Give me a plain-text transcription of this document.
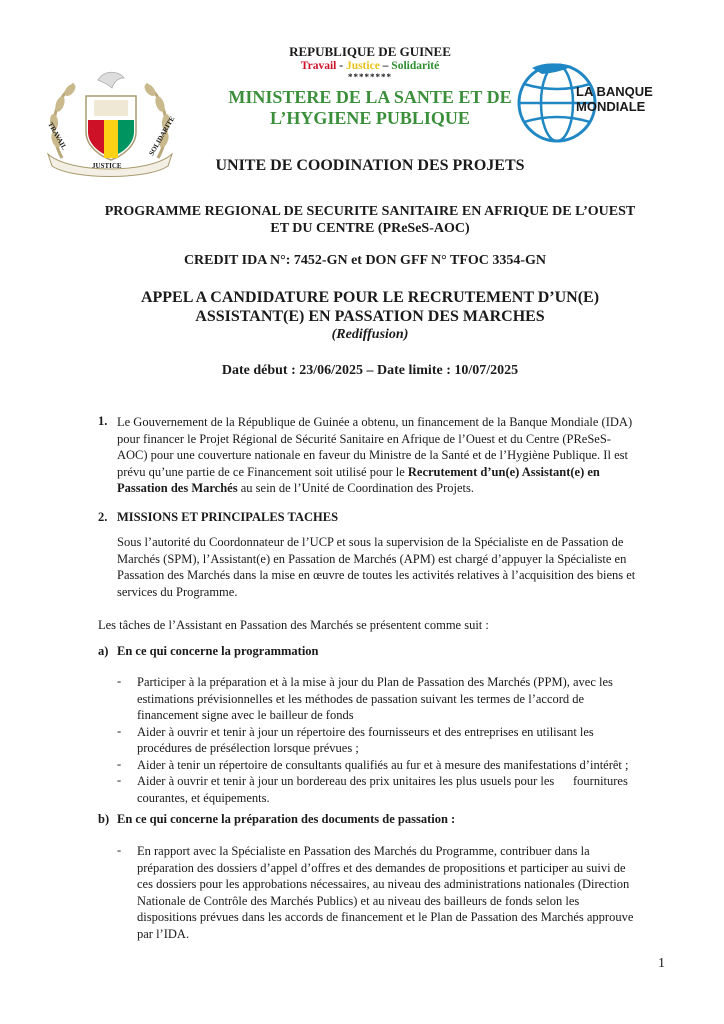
TRAVAIL
JUSTICE
SOLIDARITE
REPUBLIQUE DE GUINEE
Travail - Justice – Solidarité
********
MINISTERE DE LA SANTE ET DE
L’HYGIENE PUBLIQUE
LA BANQUE
MONDIALE
UNITE DE COODINATION DES PROJETS
PROGRAMME REGIONAL DE SECURITE SANITAIRE EN AFRIQUE DE L’OUEST
ET DU CENTRE (PReSeS-AOC)
CREDIT IDA N°: 7452-GN et DON GFF N° TFOC 3354-GN
APPEL A CANDIDATURE POUR LE RECRUTEMENT D’UN(E)
ASSISTANT(E) EN PASSATION DES MARCHES
(Rediffusion)
Date début : 23/06/2025 – Date limite : 10/07/2025
1. Le Gouvernement de la République de Guinée a obtenu, un financement de la Banque Mondiale (IDA)
pour financer le Projet Régional de Sécurité Sanitaire en Afrique de l’Ouest et du Centre (PReSeS-
AOC) pour une couverture nationale en faveur du Ministre de la Santé et de l’Hygiène Publique. Il est
prévu qu’une partie de ce Financement soit utilisé pour le Recrutement d’un(e) Assistant(e) en
Passation des Marchés au sein de l’Unité de Coordination des Projets.
2. MISSIONS ET PRINCIPALES TACHES
Sous l’autorité du Coordonnateur de l’UCP et sous la supervision de la Spécialiste en de Passation de
Marchés (SPM), l’Assistant(e) en Passation de Marchés (APM) est chargé d’appuyer la Spécialiste en
Passation des Marchés dans la mise en œuvre de toutes les activités relatives à l’acquisition des biens et
services du Programme.
Les tâches de l’Assistant en Passation des Marchés se présentent comme suit :
a) En ce qui concerne la programmation
- Participer à la préparation et à la mise à jour du Plan de Passation des Marchés (PPM), avec les
estimations prévisionnelles et les méthodes de passation suivant les termes de l’accord de
financement signe avec le bailleur de fonds
- Aider à ouvrir et tenir à jour un répertoire des fournisseurs et des entreprises en utilisant les
procédures de présélection lorsque prévues ;
- Aider à tenir un répertoire de consultants qualifiés au fur et à mesure des manifestations d’intérêt ;
- Aider à ouvrir et tenir à jour un bordereau des prix unitaires les plus usuels pour les      fournitures
courantes, et équipements.
b) En ce qui concerne la préparation des documents de passation :
- En rapport avec la Spécialiste en Passation des Marchés du Programme, contribuer dans la
préparation des dossiers d’appel d’offres et des demandes de propositions et participer au suivi de
ces dossiers pour les approbations nécessaires, au niveau des administrations nationales (Direction
Nationale de Contrôle des Marchés Publics) et au niveau des bailleurs de fonds selon les
dispositions prévues dans les accords de financement et le Plan de Passation des Marchés approuve
par l’IDA.
1
